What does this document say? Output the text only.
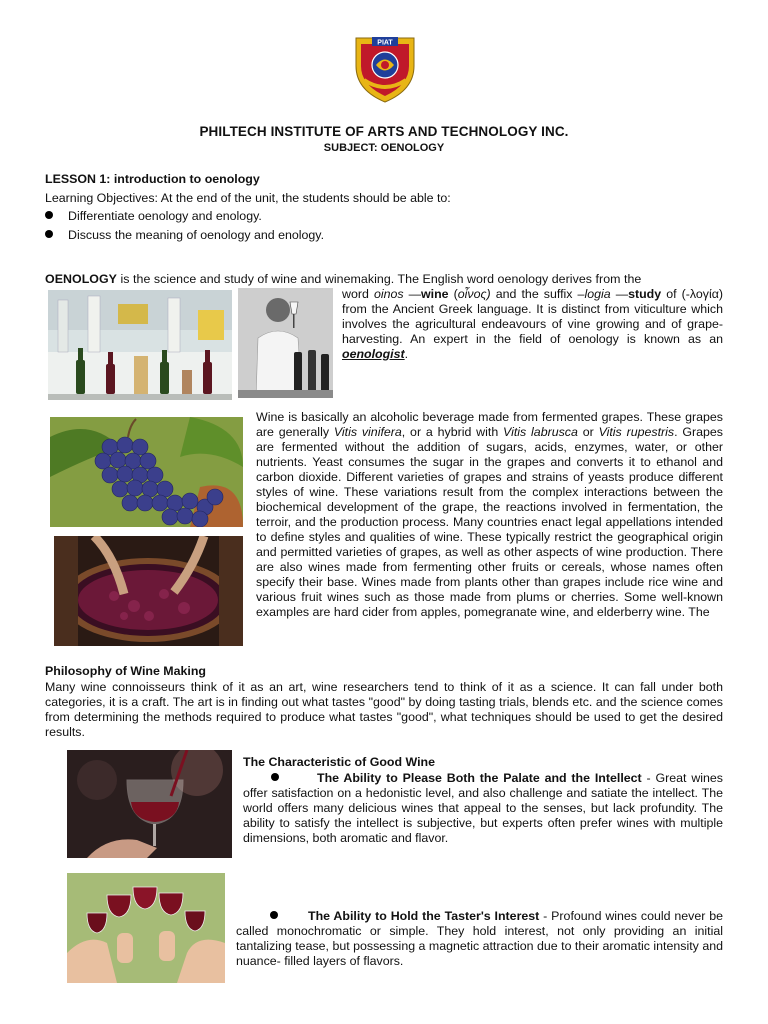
PIAT
PHILTECH INSTITUTE OF ARTS AND TECHNOLOGY INC.
SUBJECT: OENOLOGY
LESSON 1: introduction to oenology
Learning Objectives: At the end of the unit, the students should be able to:
Differentiate oenology and enology.
Discuss the meaning of oenology and enology.
OENOLOGY is the science and study of wine and winemaking. The English word oenology derives from the
word oinos —wine (οἶνος) and the suffix –logia —study of (-λογία) from the Ancient Greek language. It is distinct from viticulture which involves the agricultural endeavours of vine growing and of grape-harvesting. An expert in the field of oenology is known as an oenologist.
Wine is basically an alcoholic beverage made from fermented grapes. These grapes are generally Vitis vinifera, or a hybrid with Vitis labrusca or Vitis rupestris. Grapes are fermented without the addition of sugars, acids, enzymes, water, or other nutrients. Yeast consumes the sugar in the grapes and converts it to ethanol and carbon dioxide. Different varieties of grapes and strains of yeasts produce different styles of wine. These variations result from the complex interactions between the biochemical development of the grape, the reactions involved in fermentation, the terroir, and the production process. Many countries enact legal appellations intended to define styles and qualities of wine. These typically restrict the geographical origin and permitted varieties of grapes, as well as other aspects of wine production. There are also wines made from fermenting other fruits or cereals, whose names often specify their base. Wines made from plants other than grapes include rice wine and various fruit wines such as those made from plums or cherries. Some well-known examples are hard cider from apples, pomegranate wine, and elderberry wine. The
Philosophy of Wine Making
Many wine connoisseurs think of it as an art, wine researchers tend to think of it as a science. It can fall under both categories, it is a craft. The art is in finding out what tastes "good" by doing tasting trials, blends etc. and the science comes from determining the methods required to produce what tastes "good", what techniques should be used to get the desired results.
The Characteristic of Good Wine
The Ability to Please Both the Palate and the Intellect - Great wines offer satisfaction on a hedonistic level, and also challenge and satiate the intellect. The world offers many delicious wines that appeal to the senses, but lack profundity. The ability to satisfy the intellect is subjective, but experts often prefer wines with multiple dimensions, both aromatic and flavor.
The Ability to Hold the Taster's Interest - Profound wines could never be called monochromatic or simple. They hold interest, not only providing an initial tantalizing tease, but possessing a magnetic attraction due to their aromatic intensity and nuance- filled layers of flavors.
